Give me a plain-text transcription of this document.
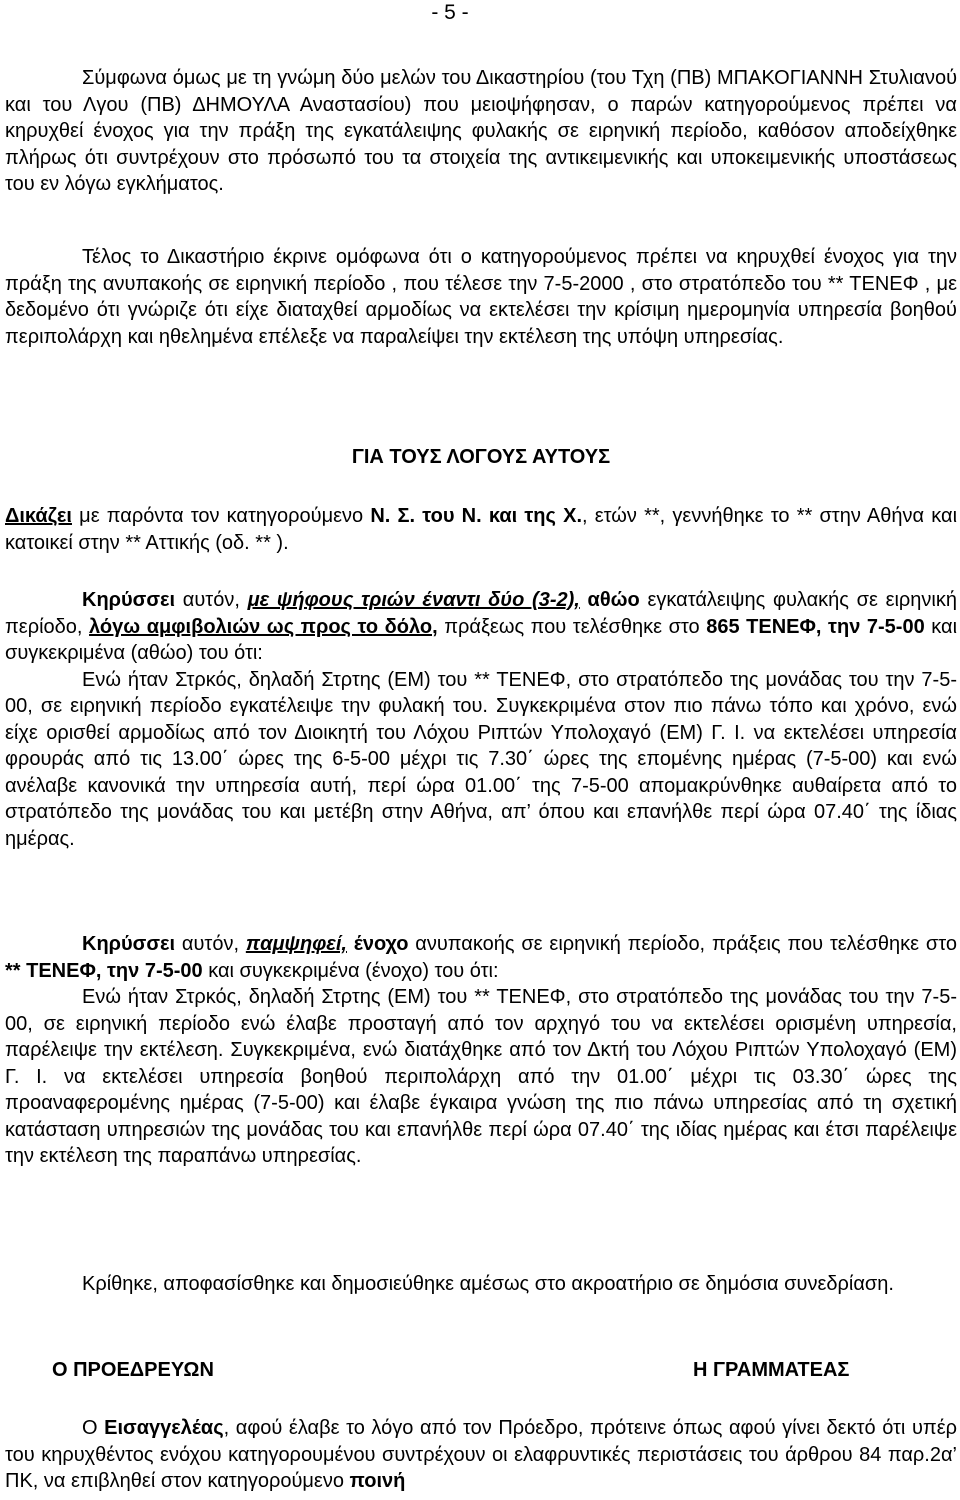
- 5 -

Σύμφωνα όμως με τη γνώμη δύο μελών του Δικαστηρίου (του Τχη (ΠΒ) ΜΠΑΚΟΓΙΑΝΝΗ Στυλιανού και του Λγου (ΠΒ) ΔΗΜΟΥΛΑ Αναστασίου) που μειοψήφησαν, ο παρών κατηγορούμενος πρέπει να κηρυχθεί ένοχος για την πράξη της εγκατάλειψης φυλακής σε ειρηνική περίοδο, καθόσον αποδείχθηκε πλήρως ότι συντρέχουν στο πρόσωπό του τα στοιχεία της αντικειμενικής και υποκειμενικής υποστάσεως του εν λόγω εγκλήματος.

Τέλος το Δικαστήριο έκρινε ομόφωνα ότι ο κατηγορούμενος πρέπει να κηρυχθεί ένοχος για την πράξη της ανυπακοής σε ειρηνική περίοδο , που τέλεσε την 7-5-2000 , στο στρατόπεδο του ** ΤΕΝΕΦ , με δεδομένο ότι γνώριζε ότι είχε διαταχθεί αρμοδίως να εκτελέσει την κρίσιμη ημερομηνία υπηρεσία βοηθού περιπολάρχη και ηθελημένα επέλεξε να παραλείψει την εκτέλεση της υπόψη υπηρεσίας.

ΓΙΑ ΤΟΥΣ ΛΟΓΟΥΣ ΑΥΤΟΥΣ

Δικάζει με παρόντα τον κατηγορούμενο Ν. Σ. του Ν. και της Χ., ετών **, γεννήθηκε το ** στην Αθήνα και κατοικεί στην ** Αττικής (οδ. ** ).

Κηρύσσει αυτόν, με ψήφους τριών έναντι δύο (3-2), αθώο εγκατάλειψης φυλακής σε ειρηνική περίοδο, λόγω αμφιβολιών ως προς το δόλο, πράξεως που τελέσθηκε στο 865 ΤΕΝΕΦ, την 7-5-00 και συγκεκριμένα (αθώο) του ότι:

Ενώ ήταν Στρκός, δηλαδή Στρτης (ΕΜ) του ** ΤΕΝΕΦ, στο στρατόπεδο της μονάδας του την 7-5-00, σε ειρηνική περίοδο εγκατέλειψε την φυλακή του. Συγκεκριμένα στον πιο πάνω τόπο και χρόνο, ενώ είχε ορισθεί αρμοδίως από τον Διοικητή του Λόχου Ριπτών Υπολοχαγό (ΕΜ) Γ. Ι. να εκτελέσει υπηρεσία φρουράς από τις 13.00΄ ώρες της 6-5-00 μέχρι τις 7.30΄ ώρες της επομένης ημέρας (7-5-00) και ενώ ανέλαβε κανονικά την υπηρεσία αυτή, περί ώρα 01.00΄ της 7-5-00 απομακρύνθηκε αυθαίρετα από το στρατόπεδο της μονάδας του και μετέβη στην Αθήνα, απ’ όπου και επανήλθε περί ώρα 07.40΄ της ίδιας ημέρας.

Κηρύσσει αυτόν, παμψηφεί, ένοχο ανυπακοής σε ειρηνική περίοδο, πράξεις που τελέσθηκε στο ** ΤΕΝΕΦ, την 7-5-00 και συγκεκριμένα (ένοχο) του ότι:

Ενώ ήταν Στρκός, δηλαδή Στρτης (ΕΜ) του ** ΤΕΝΕΦ, στο στρατόπεδο της μονάδας του την 7-5-00, σε ειρηνική περίοδο ενώ έλαβε προσταγή από τον αρχηγό του να εκτελέσει ορισμένη υπηρεσία, παρέλειψε την εκτέλεση. Συγκεκριμένα, ενώ διατάχθηκε από τον Δκτή του Λόχου Ριπτών Υπολοχαγό (ΕΜ) Γ. Ι. να εκτελέσει υπηρεσία βοηθού περιπολάρχη από την 01.00΄ μέχρι τις 03.30΄ ώρες της προαναφερομένης ημέρας (7-5-00) και έλαβε έγκαιρα γνώση της πιο πάνω υπηρεσίας από τη σχετική κατάσταση υπηρεσιών της μονάδας του και επανήλθε περί ώρα 07.40΄ της ιδίας ημέρας και έτσι παρέλειψε την εκτέλεση της παραπάνω υπηρεσίας.

Κρίθηκε, αποφασίσθηκε και δημοσιεύθηκε αμέσως στο ακροατήριο σε δημόσια συνεδρίαση.

Ο ΠΡΟΕΔΡΕΥΩΝ	Η ΓΡΑΜΜΑΤΕΑΣ

Ο Εισαγγελέας, αφού έλαβε το λόγο από τον Πρόεδρο, πρότεινε όπως αφού γίνει δεκτό ότι υπέρ του κηρυχθέντος ενόχου κατηγορουμένου συντρέχουν οι ελαφρυντικές περιστάσεις του άρθρου 84 παρ.2α’ ΠΚ, να επιβληθεί στον κατηγορούμενο ποινή
